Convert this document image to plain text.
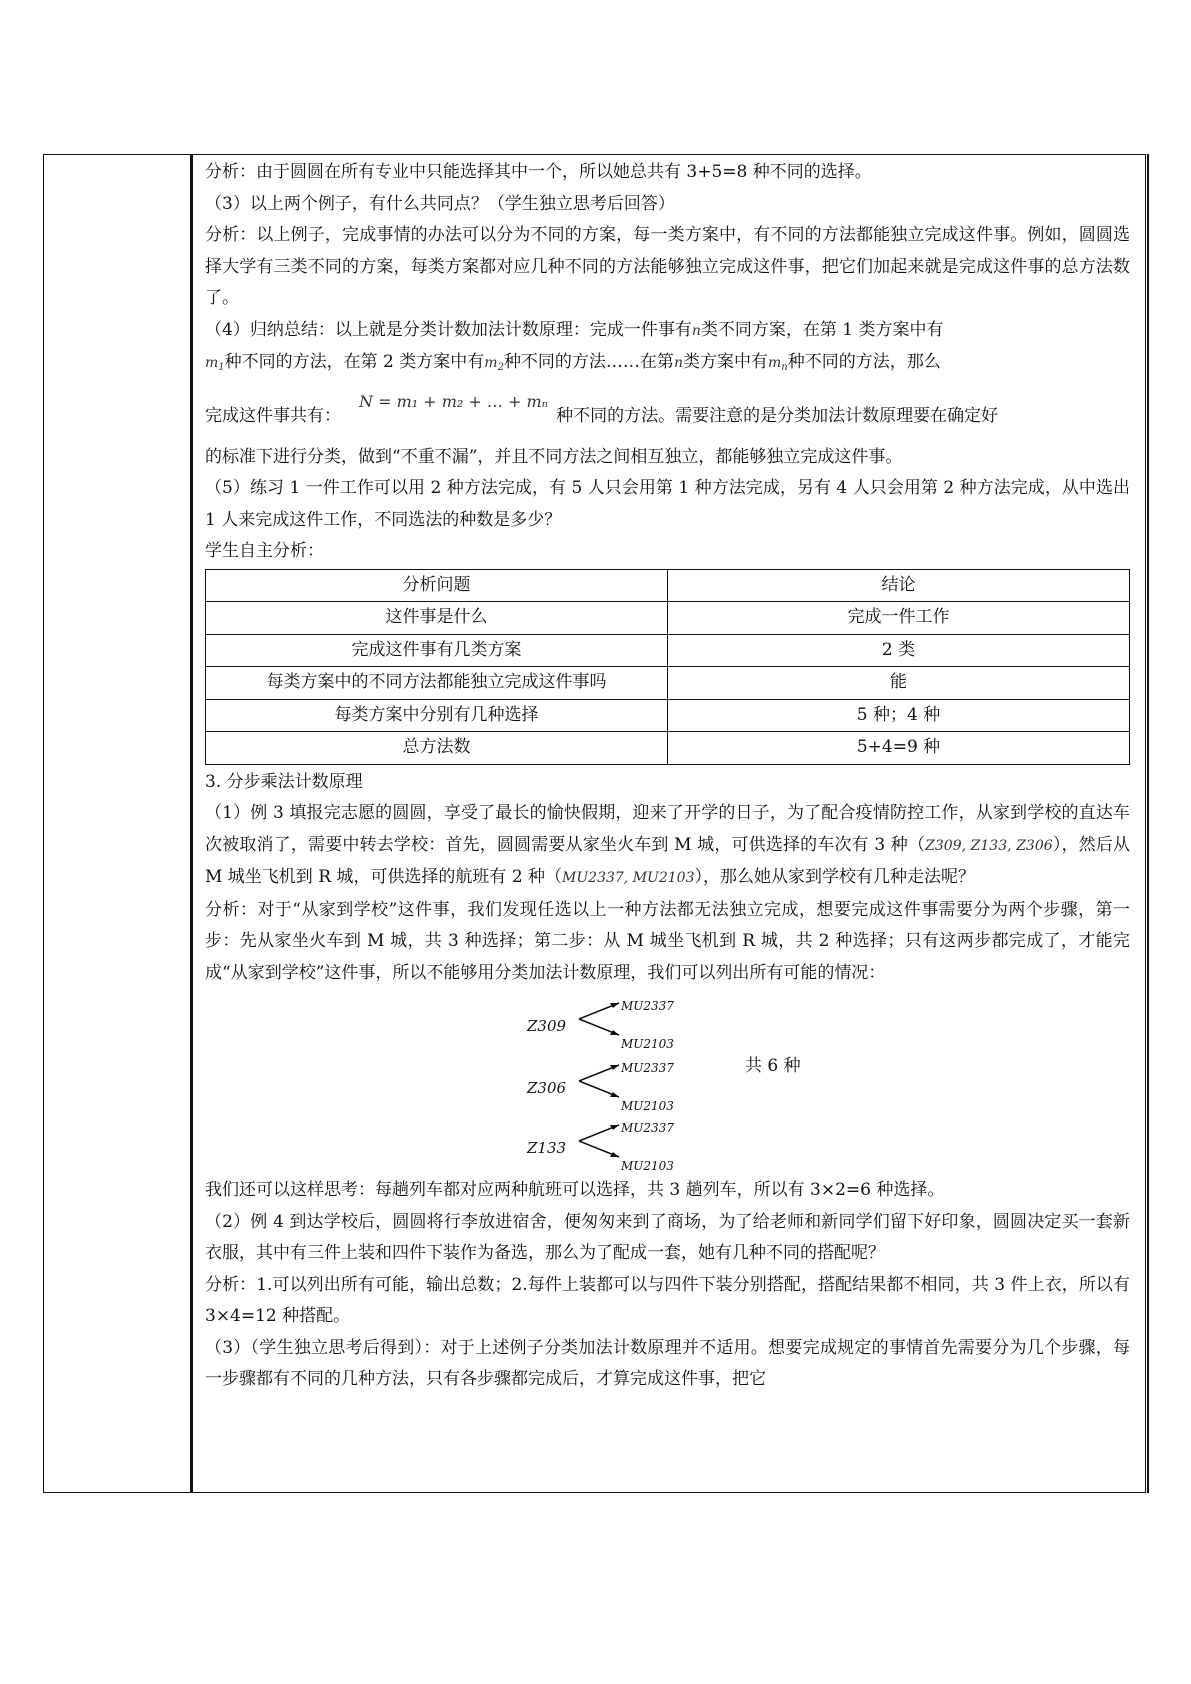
分析：由于圆圆在所有专业中只能选择其中一个，所以她总共有 3+5=8 种不同的选择。

（3）以上两个例子，有什么共同点？（学生独立思考后回答）

分析：以上例子，完成事情的办法可以分为不同的方案，每一类方案中，有不同的方法都能独立完成这件事。例如，圆圆选择大学有三类不同的方案，每类方案都对应几种不同的方法能够独立完成这件事，把它们加起来就是完成这件事的总方法数了。

（4）归纳总结：以上就是分类计数加法计数原理：完成一件事有n类不同方案，在第 1 类方案中有

$m_1$种不同的方法，在第 2 类方案中有$m_2$种不同的方法……在第n类方案中有$m_n$种不同的方法，那么

完成这件事共有：N = m₁ + m₂ + … + mₙ种不同的方法。需要注意的是分类加法计数原理要在确定好

的标准下进行分类，做到“不重不漏”，并且不同方法之间相互独立，都能够独立完成这件事。

（5）练习 1 一件工作可以用 2 种方法完成，有 5 人只会用第 1 种方法完成，另有 4 人只会用第 2 种方法完成，从中选出 1 人来完成这件工作，不同选法的种数是多少？

学生自主分析：

分析问题	结论
这件事是什么	完成一件工作
完成这件事有几类方案	2 类
每类方案中的不同方法都能独立完成这件事吗	能
每类方案中分别有几种选择	5 种；4 种
总方法数	5+4=9 种

3. 分步乘法计数原理

（1）例 3 填报完志愿的圆圆，享受了最长的愉快假期，迎来了开学的日子，为了配合疫情防控工作，从家到学校的直达车次被取消了，需要中转去学校：首先，圆圆需要从家坐火车到 M 城，可供选择的车次有 3 种（Z309, Z133, Z306），然后从 M 城坐飞机到 R 城，可供选择的航班有 2 种（MU2337, MU2103），那么她从家到学校有几种走法呢？

分析：对于“从家到学校”这件事，我们发现任选以上一种方法都无法独立完成，想要完成这件事需要分为两个步骤，第一步：先从家坐火车到 M 城，共 3 种选择；第二步：从 M 城坐飞机到 R 城，共 2 种选择；只有这两步都完成了，才能完成“从家到学校”这件事，所以不能够用分类加法计数原理，我们可以列出所有可能的情况：

Z309
Z306
Z133
MU2337
MU2103
MU2337
MU2103
MU2337
MU2103
共 6 种

我们还可以这样思考：每趟列车都对应两种航班可以选择，共 3 趟列车，所以有 3×2=6 种选择。

（2）例 4 到达学校后，圆圆将行李放进宿舍，便匆匆来到了商场，为了给老师和新同学们留下好印象，圆圆决定买一套新衣服，其中有三件上装和四件下装作为备选，那么为了配成一套，她有几种不同的搭配呢？

分析：1.可以列出所有可能，输出总数；2.每件上装都可以与四件下装分别搭配，搭配结果都不相同，共 3 件上衣，所以有 3×4=12 种搭配。

（3）（学生独立思考后得到）：对于上述例子分类加法计数原理并不适用。想要完成规定的事情首先需要分为几个步骤，每一步骤都有不同的几种方法，只有各步骤都完成后，才算完成这件事，把它
